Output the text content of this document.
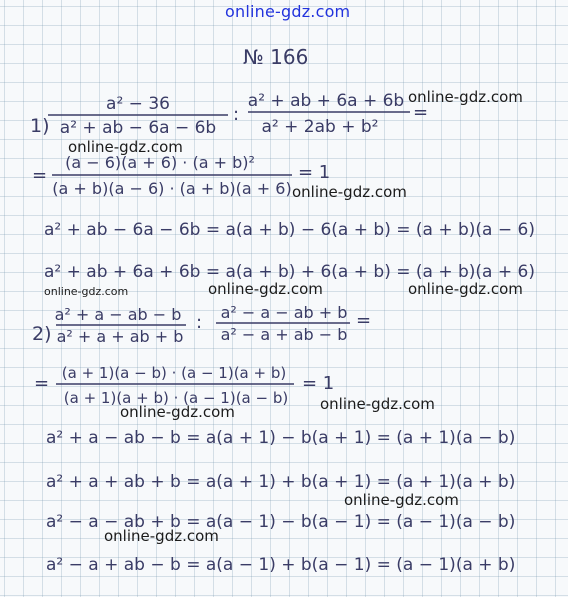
№ 166
1)
a² − 36
a² + ab − 6a − 6b
:
a² + ab + 6a + 6b
a² + 2ab + b²
=
=
(a − 6)(a + 6) · (a + b)²
(a + b)(a − 6) · (a + b)(a + 6)
= 1
a² + ab − 6a − 6b = a(a + b) − 6(a + b) = (a + b)(a − 6)
a² + ab + 6a + 6b = a(a + b) + 6(a + b) = (a + b)(a + 6)
2)
a² + a − ab − b
a² + a + ab + b
: a² − a − ab + b
a² − a + ab − b
=
= (a + 1)(a − b) · (a − 1)(a + b)
(a + 1)(a + b) · (a − 1)(a − b)
= 1
a² + a − ab − b = a(a + 1) − b(a + 1) = (a + 1)(a − b)
a² + a + ab + b = a(a + 1) + b(a + 1) = (a + 1)(a + b)
a² − a − ab + b = a(a − 1) − b(a − 1) = (a − 1)(a − b)
a² − a + ab − b = a(a − 1) + b(a − 1) = (a − 1)(a + b)
online-gdz.com
online-gdz.com
online-gdz.com
online-gdz.com
online-gdz.com	online-gdz.com	online-gdz.com
online-gdz.com	online-gdz.com
online-gdz.com
online-gdz.com
